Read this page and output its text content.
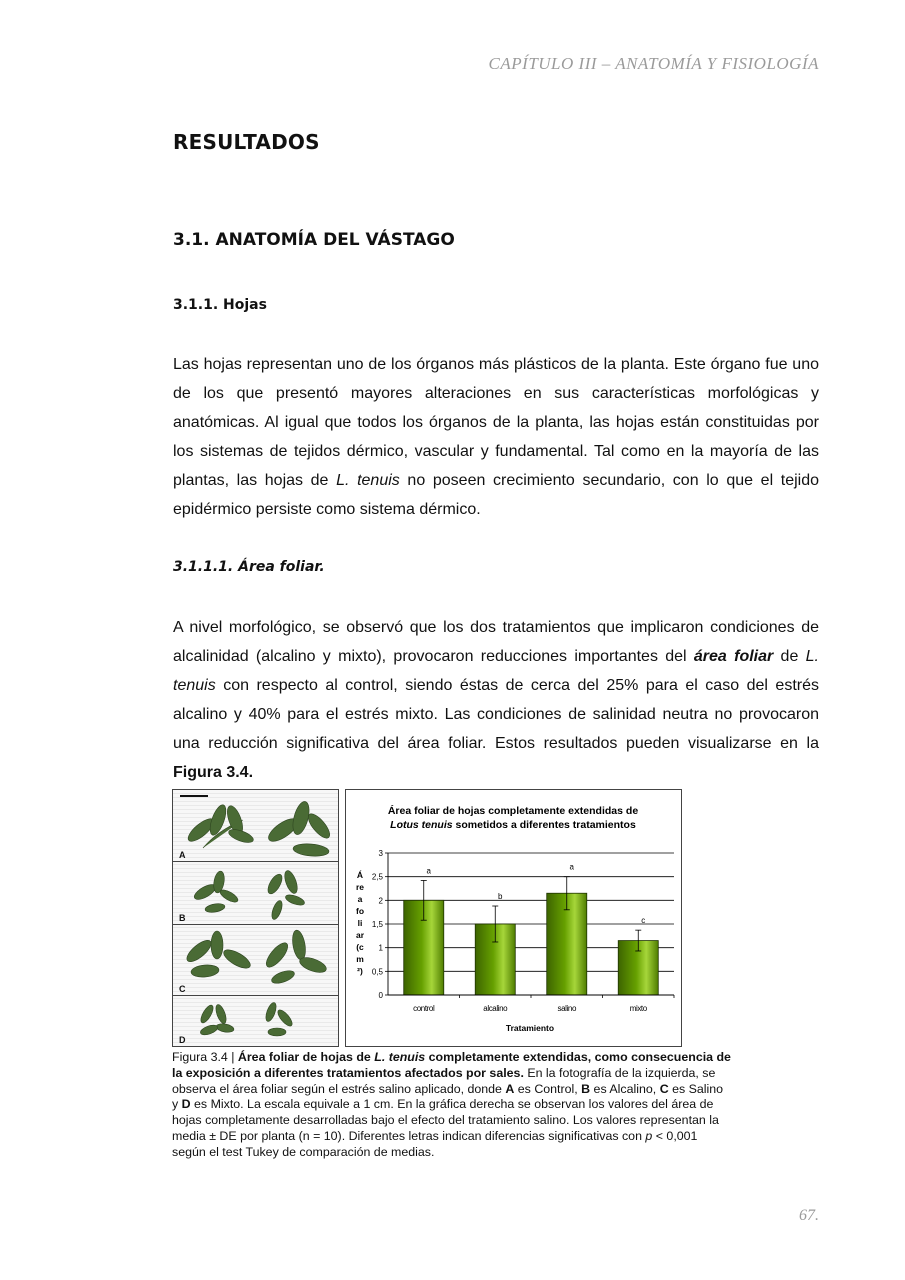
CAPÍTULO III – ANATOMÍA Y FISIOLOGÍA
RESULTADOS
3.1. ANATOMÍA DEL VÁSTAGO
3.1.1. Hojas
Las hojas representan uno de los órganos más plásticos de la planta. Este órgano fue uno de los que presentó mayores alteraciones en sus características morfológicas y anatómicas. Al igual que todos los órganos de la planta, las hojas están constituidas por los sistemas de tejidos dérmico, vascular y fundamental. Tal como en la mayoría de las plantas, las hojas de L. tenuis no poseen crecimiento secundario, con lo que el tejido epidérmico persiste como sistema dérmico.
3.1.1.1. Área foliar.
A nivel morfológico, se observó que los dos tratamientos que implicaron condiciones de alcalinidad (alcalino y mixto), provocaron reducciones importantes del área foliar de L. tenuis con respecto al control, siendo éstas de cerca del 25% para el caso del estrés alcalino y 40% para el estrés mixto. Las condiciones de salinidad neutra no provocaron una reducción significativa del área foliar. Estos resultados pueden visualizarse en la Figura 3.4.
A
B
C
D
Área foliar de hojas completamente extendidas de
Lotus tenuis sometidos a diferentes tratamientos
Á
re
a
fo
li
ar
(c
m
²)
a
b
a
c
0
0,5
1
1,5
2
2,5
3
control	alcalino	salino	mixto
Tratamiento
Figura 3.4 | Área foliar de hojas de L. tenuis completamente extendidas, como consecuencia de la exposición a diferentes tratamientos afectados por sales. En la fotografía de la izquierda, se observa el área foliar según el estrés salino aplicado, donde A es Control, B es Alcalino, C es Salino y D es Mixto. La escala equivale a 1 cm. En la gráfica derecha se observan los valores del área de hojas completamente desarrolladas bajo el efecto del tratamiento salino. Los valores representan la media ± DE por planta (n = 10). Diferentes letras indican diferencias significativas con p < 0,001 según el test Tukey de comparación de medias.
67.
